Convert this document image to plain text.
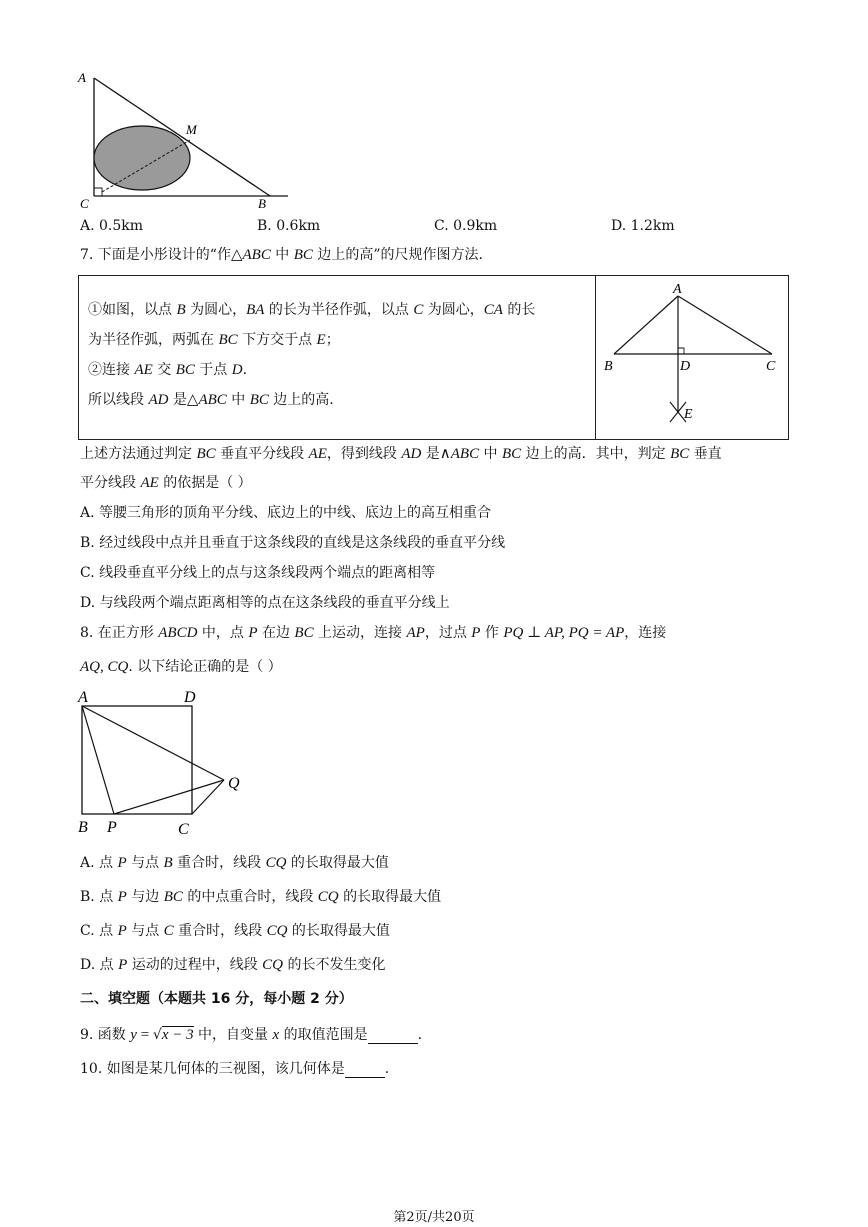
A
M
C	B
A. 0.5km	B. 0.6km	C. 0.9km	D. 1.2km
7. 下面是小彤设计的“作△ABC 中 BC 边上的高”的尺规作图方法.
①如图，以点 B 为圆心，BA 的长为半径作弧，以点 C 为圆心，CA 的长
为半径作弧，两弧在 BC 下方交于点 E；
②连接 AE 交 BC 于点 D.
所以线段 AD 是△ABC 中 BC 边上的高.
A
B	D	C
E
上述方法通过判定 BC 垂直平分线段 AE，得到线段 AD 是∧ABC 中 BC 边上的高．其中，判定 BC 垂直
平分线段 AE 的依据是（ ）
A. 等腰三角形的顶角平分线、底边上的中线、底边上的高互相重合
B. 经过线段中点并且垂直于这条线段的直线是这条线段的垂直平分线
C. 线段垂直平分线上的点与这条线段两个端点的距离相等
D. 与线段两个端点距离相等的点在这条线段的垂直平分线上
8. 在正方形 ABCD 中，点 P 在边 BC 上运动，连接 AP，过点 P 作 PQ ⊥ AP, PQ = AP，连接
AQ, CQ. 以下结论正确的是（ ）
A	D
Q
B P	C
A. 点 P 与点 B 重合时，线段 CQ 的长取得最大值
B. 点 P 与边 BC 的中点重合时，线段 CQ 的长取得最大值
C. 点 P 与点 C 重合时，线段 CQ 的长取得最大值
D. 点 P 运动的过程中，线段 CQ 的长不发生变化
二、填空题（本题共 16 分，每小题 2 分）
9. 函数 y = √x − 3 中，自变量 x 的取值范围是	.
10. 如图是某几何体的三视图，该几何体是	.
第2页/共20页
